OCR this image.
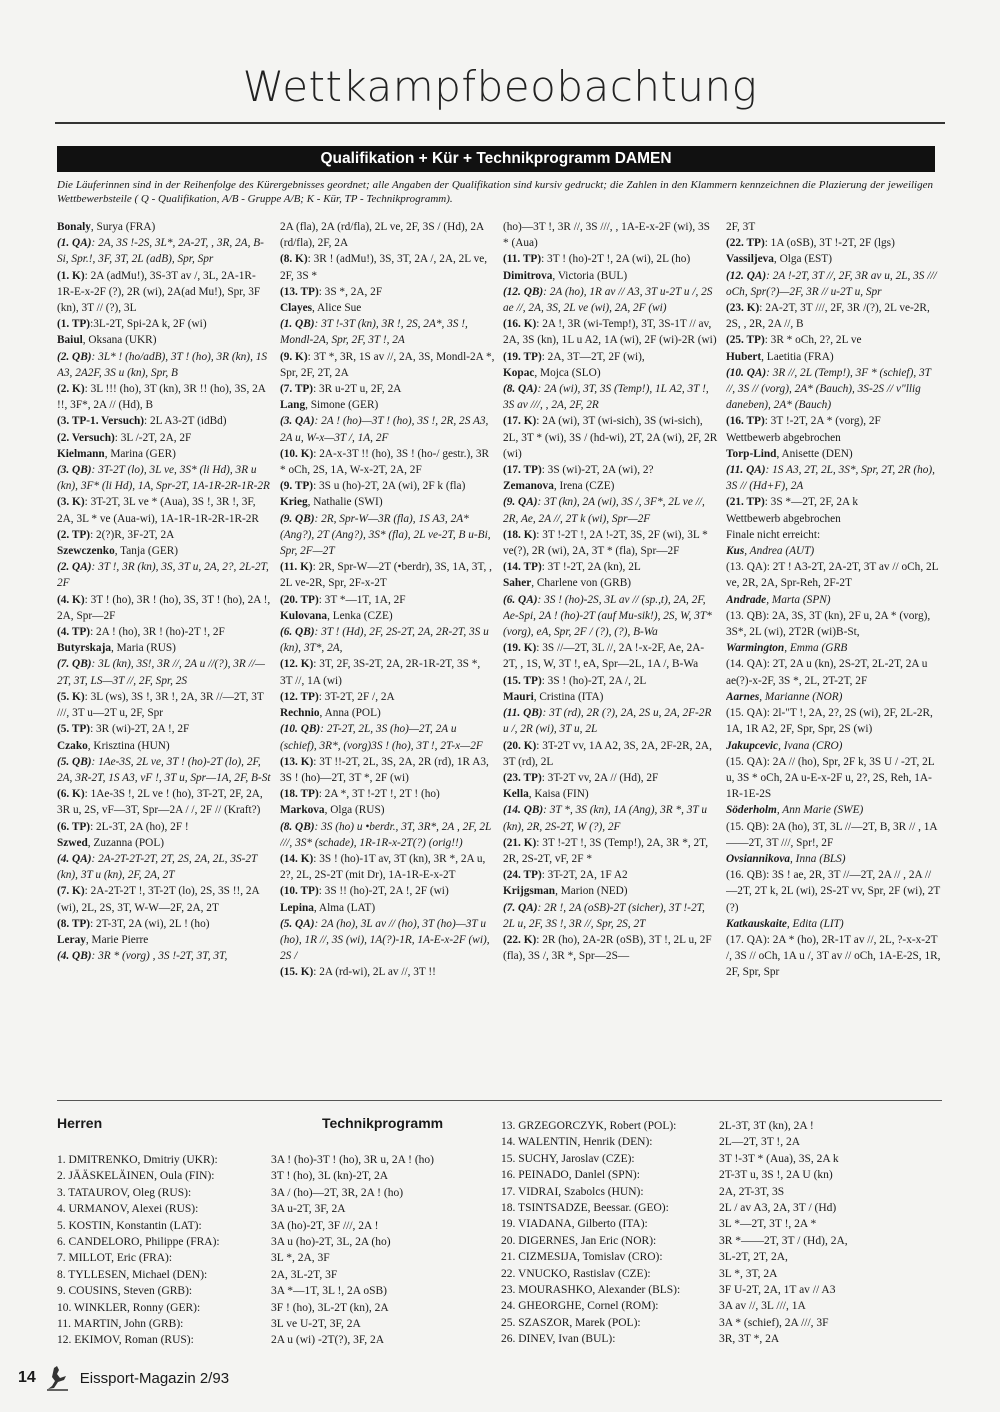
Wettkampfbeobachtung
Qualifikation + Kür + Technikprogramm DAMEN
Die Läuferinnen sind in der Reihenfolge des Kürergebnisses geordnet; alle Angaben der Qualifikation sind kursiv gedruckt; die Zahlen in den Klammern kennzeichnen die Plazierung der jeweiligen Wettbewerbsteile ( Q - Qualifikation, A/B - Gruppe A/B; K - Kür, TP - Technikprogramm).

Bonaly, Surya (FRA)

(1. QA): 2A, 3S !-2S, 3L*, 2A-2T, , 3R, 2A, B-Si, Spr.!, 3F, 3T, 2L (adB), Spr, Spr

(1. K): 2A (adMu!), 3S-3T av /, 3L, 2A-1R-1R-E-x-2F (?), 2R (wi), 2A(ad Mu!), Spr, 3F (kn), 3T // (?), 3L

(1. TP):3L-2T, Spi-2A k, 2F (wi)

Baiul, Oksana (UKR)

(2. QB): 3L* ! (ho/adB), 3T ! (ho), 3R (kn), 1S A3, 2A2F, 3S u (kn), Spr, B

(2. K): 3L !!! (ho), 3T (kn), 3R !! (ho), 3S, 2A !!, 3F*, 2A // (Hd), B

(3. TP-1. Versuch): 2L A3-2T (idBd)

(2. Versuch): 3L /-2T, 2A, 2F

Kielmann, Marina (GER)

(3. QB): 3T-2T (lo), 3L ve, 3S* (li Hd), 3R u (kn), 3F* (li Hd), 1A, Spr-2T, 1A-1R-2R-1R-2R

(3. K): 3T-2T, 3L ve * (Aua), 3S !, 3R !, 3F, 2A, 3L * ve (Aua-wi), 1A-1R-1R-2R-1R-2R

(2. TP): 2(?)R, 3F-2T, 2A

Szewczenko, Tanja (GER)

(2. QA): 3T !, 3R (kn), 3S, 3T u, 2A, 2?, 2L-2T, 2F

(4. K): 3T ! (ho), 3R ! (ho), 3S, 3T ! (ho), 2A !, 2A, Spr—2F

(4. TP): 2A ! (ho), 3R ! (ho)-2T !, 2F

Butyrskaja, Maria (RUS)

(7. QB): 3L (kn), 3S!, 3R //, 2A u //(?), 3R //—2T, 3T, LS—3T //, 2F, Spr, 2S

(5. K): 3L (ws), 3S !, 3R !, 2A, 3R //—2T, 3T ///, 3T u—2T u, 2F, Spr

(5. TP): 3R (wi)-2T, 2A !, 2F

Czako, Krisztina (HUN)

(5. QB): 1Ae-3S, 2L ve, 3T ! (ho)-2T (lo), 2F, 2A, 3R-2T, 1S A3, vF !, 3T u, Spr—1A, 2F, B-St

(6. K): 1Ae-3S !, 2L ve ! (ho), 3T-2T, 2F, 2A, 3R u, 2S, vF—3T, Spr—2A / /, 2F // (Kraft?)

(6. TP): 2L-3T, 2A (ho), 2F !

Szwed, Zuzanna (POL)

(4. QA): 2A-2T-2T-2T, 2T, 2S, 2A, 2L, 3S-2T (kn), 3T u (kn), 2F, 2A, 2T

(7. K): 2A-2T-2T !, 3T-2T (lo), 2S, 3S !!, 2A (wi), 2L, 2S, 3T, W-W—2F, 2A, 2T

(8. TP): 2T-3T, 2A (wi), 2L ! (ho)

Leray, Marie Pierre

(4. QB): 3R * (vorg) , 3S !-2T, 3T, 3T,

2A (fla), 2A (rd/fla), 2L ve, 2F, 3S / (Hd), 2A (rd/fla), 2F, 2A

(8. K): 3R ! (adMu!), 3S, 3T, 2A /, 2A, 2L ve, 2F, 3S *

(13. TP): 3S *, 2A, 2F

Clayes, Alice Sue

(1. QB): 3T !-3T (kn), 3R !, 2S, 2A*, 3S !, Mondl-2A, Spr, 2F, 3T !, 2A

(9. K): 3T *, 3R, 1S av //, 2A, 3S, Mondl-2A *, Spr, 2F, 2T, 2A

(7. TP): 3R u-2T u, 2F, 2A

Lang, Simone (GER)

(3. QA): 2A ! (ho)—3T ! (ho), 3S !, 2R, 2S A3, 2A u, W-x—3T /, 1A, 2F

(10. K): 2A-x-3T !! (ho), 3S ! (ho-/ gestr.), 3R * oCh, 2S, 1A, W-x-2T, 2A, 2F

(9. TP): 3S u (ho)-2T, 2A (wi), 2F k (fla)

Krieg, Nathalie (SWI)

(9. QB): 2R, Spr-W—3R (fla), 1S A3, 2A* (Ang?), 2T (Ang?), 3S* (fla), 2L ve-2T, B u-Bi, Spr, 2F—2T

(11. K): 2R, Spr-W—2T (•berdr), 3S, 1A, 3T, , 2L ve-2R, Spr, 2F-x-2T

(20. TP): 3T *—1T, 1A, 2F

Kulovana, Lenka (CZE)

(6. QB): 3T ! (Hd), 2F, 2S-2T, 2A, 2R-2T, 3S u (kn), 3T*, 2A,

(12. K): 3T, 2F, 3S-2T, 2A, 2R-1R-2T, 3S *, 3T //, 1A (wi)

(12. TP): 3T-2T, 2F /, 2A

Rechnio, Anna (POL)

(10. QB): 2T-2T, 2L, 3S (ho)—2T, 2A u (schief), 3R*, (vorg)3S ! (ho), 3T !, 2T-x—2F

(13. K): 3T !!-2T, 2L, 3S, 2A, 2R (rd), 1R A3, 3S ! (ho)—2T, 3T *, 2F (wi)

(18. TP): 2A *, 3T !-2T !, 2T ! (ho)

Markova, Olga (RUS)

(8. QB): 3S (ho) u •berdr., 3T, 3R*, 2A , 2F, 2L ///, 3S* (schade), 1R-1R-x-2T(?) (orig!!)

(14. K): 3S ! (ho)-1T av, 3T (kn), 3R *, 2A u, 2?, 2L, 2S-2T (mit Dr), 1A-1R-E-x-2T

(10. TP): 3S !! (ho)-2T, 2A !, 2F (wi)

Lepina, Alma (LAT)

(5. QA): 2A (ho), 3L av // (ho), 3T (ho)—3T u (ho), 1R //, 3S (wi), 1A(?)-1R, 1A-E-x-2F (wi), 2S /

(15. K): 2A (rd-wi), 2L av //, 3T !!

(ho)—3T !, 3R //, 3S ///, , 1A-E-x-2F (wi), 3S * (Aua)

(11. TP): 3T ! (ho)-2T !, 2A (wi), 2L (ho)

Dimitrova, Victoria (BUL)

(12. QB): 2A (ho), 1R av // A3, 3T u-2T u /, 2S ae //, 2A, 3S, 2L ve (wi), 2A, 2F (wi)

(16. K): 2A !, 3R (wi-Temp!), 3T, 3S-1T // av, 2A, 3S (kn), 1L u A2, 1A (wi), 2F (wi)-2R (wi)

(19. TP): 2A, 3T—2T, 2F (wi),

Kopac, Mojca (SLO)

(8. QA): 2A (wi), 3T, 3S (Temp!), 1L A2, 3T !, 3S av ///, , 2A, 2F, 2R

(17. K): 2A (wi), 3T (wi-sich), 3S (wi-sich), 2L, 3T * (wi), 3S / (hd-wi), 2T, 2A (wi), 2F, 2R (wi)

(17. TP): 3S (wi)-2T, 2A (wi), 2?

Zemanova, Irena (CZE)

(9. QA): 3T (kn), 2A (wi), 3S /, 3F*, 2L ve //, 2R, Ae, 2A //, 2T k (wi), Spr—2F

(18. K): 3T !-2T !, 2A !-2T, 3S, 2F (wi), 3L * ve(?), 2R (wi), 2A, 3T * (fla), Spr—2F

(14. TP): 3T !-2T, 2A (kn), 2L

Saher, Charlene von (GRB)

(6. QA): 3S ! (ho)-2S, 3L av // (sp.,t), 2A, 2F, Ae-Spi, 2A ! (ho)-2T (auf Mu-sik!), 2S, W, 3T* (vorg), eA, Spr, 2F / (?), (?), B-Wa

(19. K): 3S //—2T, 3L //, 2A !-x-2F, Ae, 2A-2T, , 1S, W, 3T !, eA, Spr—2L, 1A /, B-Wa

(15. TP): 3S ! (ho)-2T, 2A /, 2L

Mauri, Cristina (ITA)

(11. QB): 3T (rd), 2R (?), 2A, 2S u, 2A, 2F-2R u /, 2R (wi), 3T u, 2L

(20. K): 3T-2T vv, 1A A2, 3S, 2A, 2F-2R, 2A, 3T (rd), 2L

(23. TP): 3T-2T vv, 2A // (Hd), 2F

Kella, Kaisa (FIN)

(14. QB): 3T *, 3S (kn), 1A (Ang), 3R *, 3T u (kn), 2R, 2S-2T, W (?), 2F

(21. K): 3T !-2T !, 3S (Temp!), 2A, 3R *, 2T, 2R, 2S-2T, vF, 2F *

(24. TP): 3T-2T, 2A, 1F A2

Krijgsman, Marion (NED)

(7. QA): 2R !, 2A (oSB)-2T (sicher), 3T !-2T, 2L u, 2F, 3S !, 3R //, Spr, 2S, 2T

(22. K): 2R (ho), 2A-2R (oSB), 3T !, 2L u, 2F (fla), 3S /, 3R *, Spr—2S—

2F, 3T

(22. TP): 1A (oSB), 3T !-2T, 2F (lgs)

Vassiljeva, Olga (EST)

(12. QA): 2A !-2T, 3T //, 2F, 3R av u, 2L, 3S /// oCh, Spr(?)—2F, 3R // u-2T u, Spr

(23. K): 2A-2T, 3T ///, 2F, 3R /(?), 2L ve-2R, 2S, , 2R, 2A //, B

(25. TP): 3R * oCh, 2?, 2L ve

Hubert, Laetitia (FRA)

(10. QA): 3R //, 2L (Temp!), 3F * (schief), 3T //, 3S // (vorg), 2A* (Bauch), 3S-2S // v"llig daneben), 2A* (Bauch)

(16. TP): 3T !-2T, 2A * (vorg), 2F

Wettbewerb abgebrochen

Torp-Lind, Anisette (DEN)

(11. QA): 1S A3, 2T, 2L, 3S*, Spr, 2T, 2R (ho), 3S // (Hd+F), 2A

(21. TP): 3S *—2T, 2F, 2A k

Wettbewerb abgebrochen

Finale nicht erreicht:

Kus, Andrea (AUT)

(13. QA): 2T ! A3-2T, 2A-2T, 3T av // oCh, 2L ve, 2R, 2A, Spr-Reh, 2F-2T

Andrade, Marta (SPN)

(13. QB): 2A, 3S, 3T (kn), 2F u, 2A * (vorg), 3S*, 2L (wi), 2T2R (wi)B-St,

Warmington, Emma (GRB

(14. QA): 2T, 2A u (kn), 2S-2T, 2L-2T, 2A u ae(?)-x-2F, 3S *, 2L, 2T-2T, 2F

Aarnes, Marianne (NOR)

(15. QA): 2l-"T !, 2A, 2?, 2S (wi), 2F, 2L-2R, 1A, 1R A2, 2F, Spr, Spr, 2S (wi)

Jakupcevic, Ivana (CRO)

(15. QA): 2A // (ho), Spr, 2F k, 3S U / -2T, 2L u, 3S * oCh, 2A u-E-x-2F u, 2?, 2S, Reh, 1A-1R-1E-2S

Söderholm, Ann Marie (SWE)

(15. QB): 2A (ho), 3T, 3L //—2T, B, 3R // , 1A——2T, 3T ///, Spr!, 2F

Ovsiannikova, Inna (BLS)

(16. QB): 3S ! ae, 2R, 3T //—2T, 2A // , 2A //—2T, 2T k, 2L (wi), 2S-2T vv, Spr, 2F (wi), 2T (?)

Katkauskaite, Edita (LIT)

(17. QA): 2A * (ho), 2R-1T av //, 2L, ?-x-x-2T /, 3S // oCh, 1A u /, 3T av // oCh, 1A-E-2S, 1R, 2F, Spr, Spr

Herren	Technikprogramm
1. DMITRENKO, Dmitriy (UKR):
2. JÄÄSKELÄINEN, Oula (FIN):
3. TATAUROV, Oleg (RUS):
4. URMANOV, Alexei (RUS):
5. KOSTIN, Konstantin (LAT):
6. CANDELORO, Philippe (FRA):
7. MILLOT, Eric (FRA):
8. TYLLESEN, Michael (DEN):
9. COUSINS, Steven (GRB):
10. WINKLER, Ronny (GER):
11. MARTIN, John (GRB):
12. EKIMOV, Roman (RUS):
3A ! (ho)-3T ! (ho), 3R u, 2A ! (ho)
3T ! (ho), 3L (kn)-2T, 2A
3A / (ho)—2T, 3R, 2A ! (ho)
3A u-2T, 3F, 2A
3A (ho)-2T, 3F ///, 2A !
3A u (ho)-2T, 3L, 2A (ho)
3L *, 2A, 3F
2A, 3L-2T, 3F
3A *—1T, 3L !, 2A oSB)
3F ! (ho), 3L-2T (kn), 2A
3L ve U-2T, 3F, 2A
2A u (wi) -2T(?), 3F, 2A
13. GRZEGORCZYK, Robert (POL):
14. WALENTIN, Henrik (DEN):
15. SUCHY, Jaroslav (CZE):
16. PEINADO, Danlel (SPN):
17. VIDRAI, Szabolcs (HUN):
18. TSINTSADZE, Beessar. (GEO):
19. VIADANA, Gilberto (ITA):
20. DIGERNES, Jan Eric (NOR):
21. CIZMESIJA, Tomislav (CRO):
22. VNUCKO, Rastislav (CZE):
23. MOURASHKO, Alexander (BLS):
24. GHEORGHE, Cornel (ROM):
25. SZASZOR, Marek (POL):
26. DINEV, Ivan (BUL):
2L-3T, 3T (kn), 2A !
2L—2T, 3T !, 2A
3T !-3T * (Aua), 3S, 2A k
2T-3T u, 3S !, 2A U (kn)
2A, 2T-3T, 3S
2L / av A3, 2A, 3T / (Hd)
3L *—2T, 3T !, 2A *
3R *——2T, 3T / (Hd), 2A,
3L-2T, 2T, 2A,
3L *, 3T, 2A
3F U-2T, 2A, 1T av // A3
3A av //, 3L ///, 1A
3A * (schief), 2A ///, 3F
3R, 3T *, 2A
14	Eissport-Magazin 2/93
